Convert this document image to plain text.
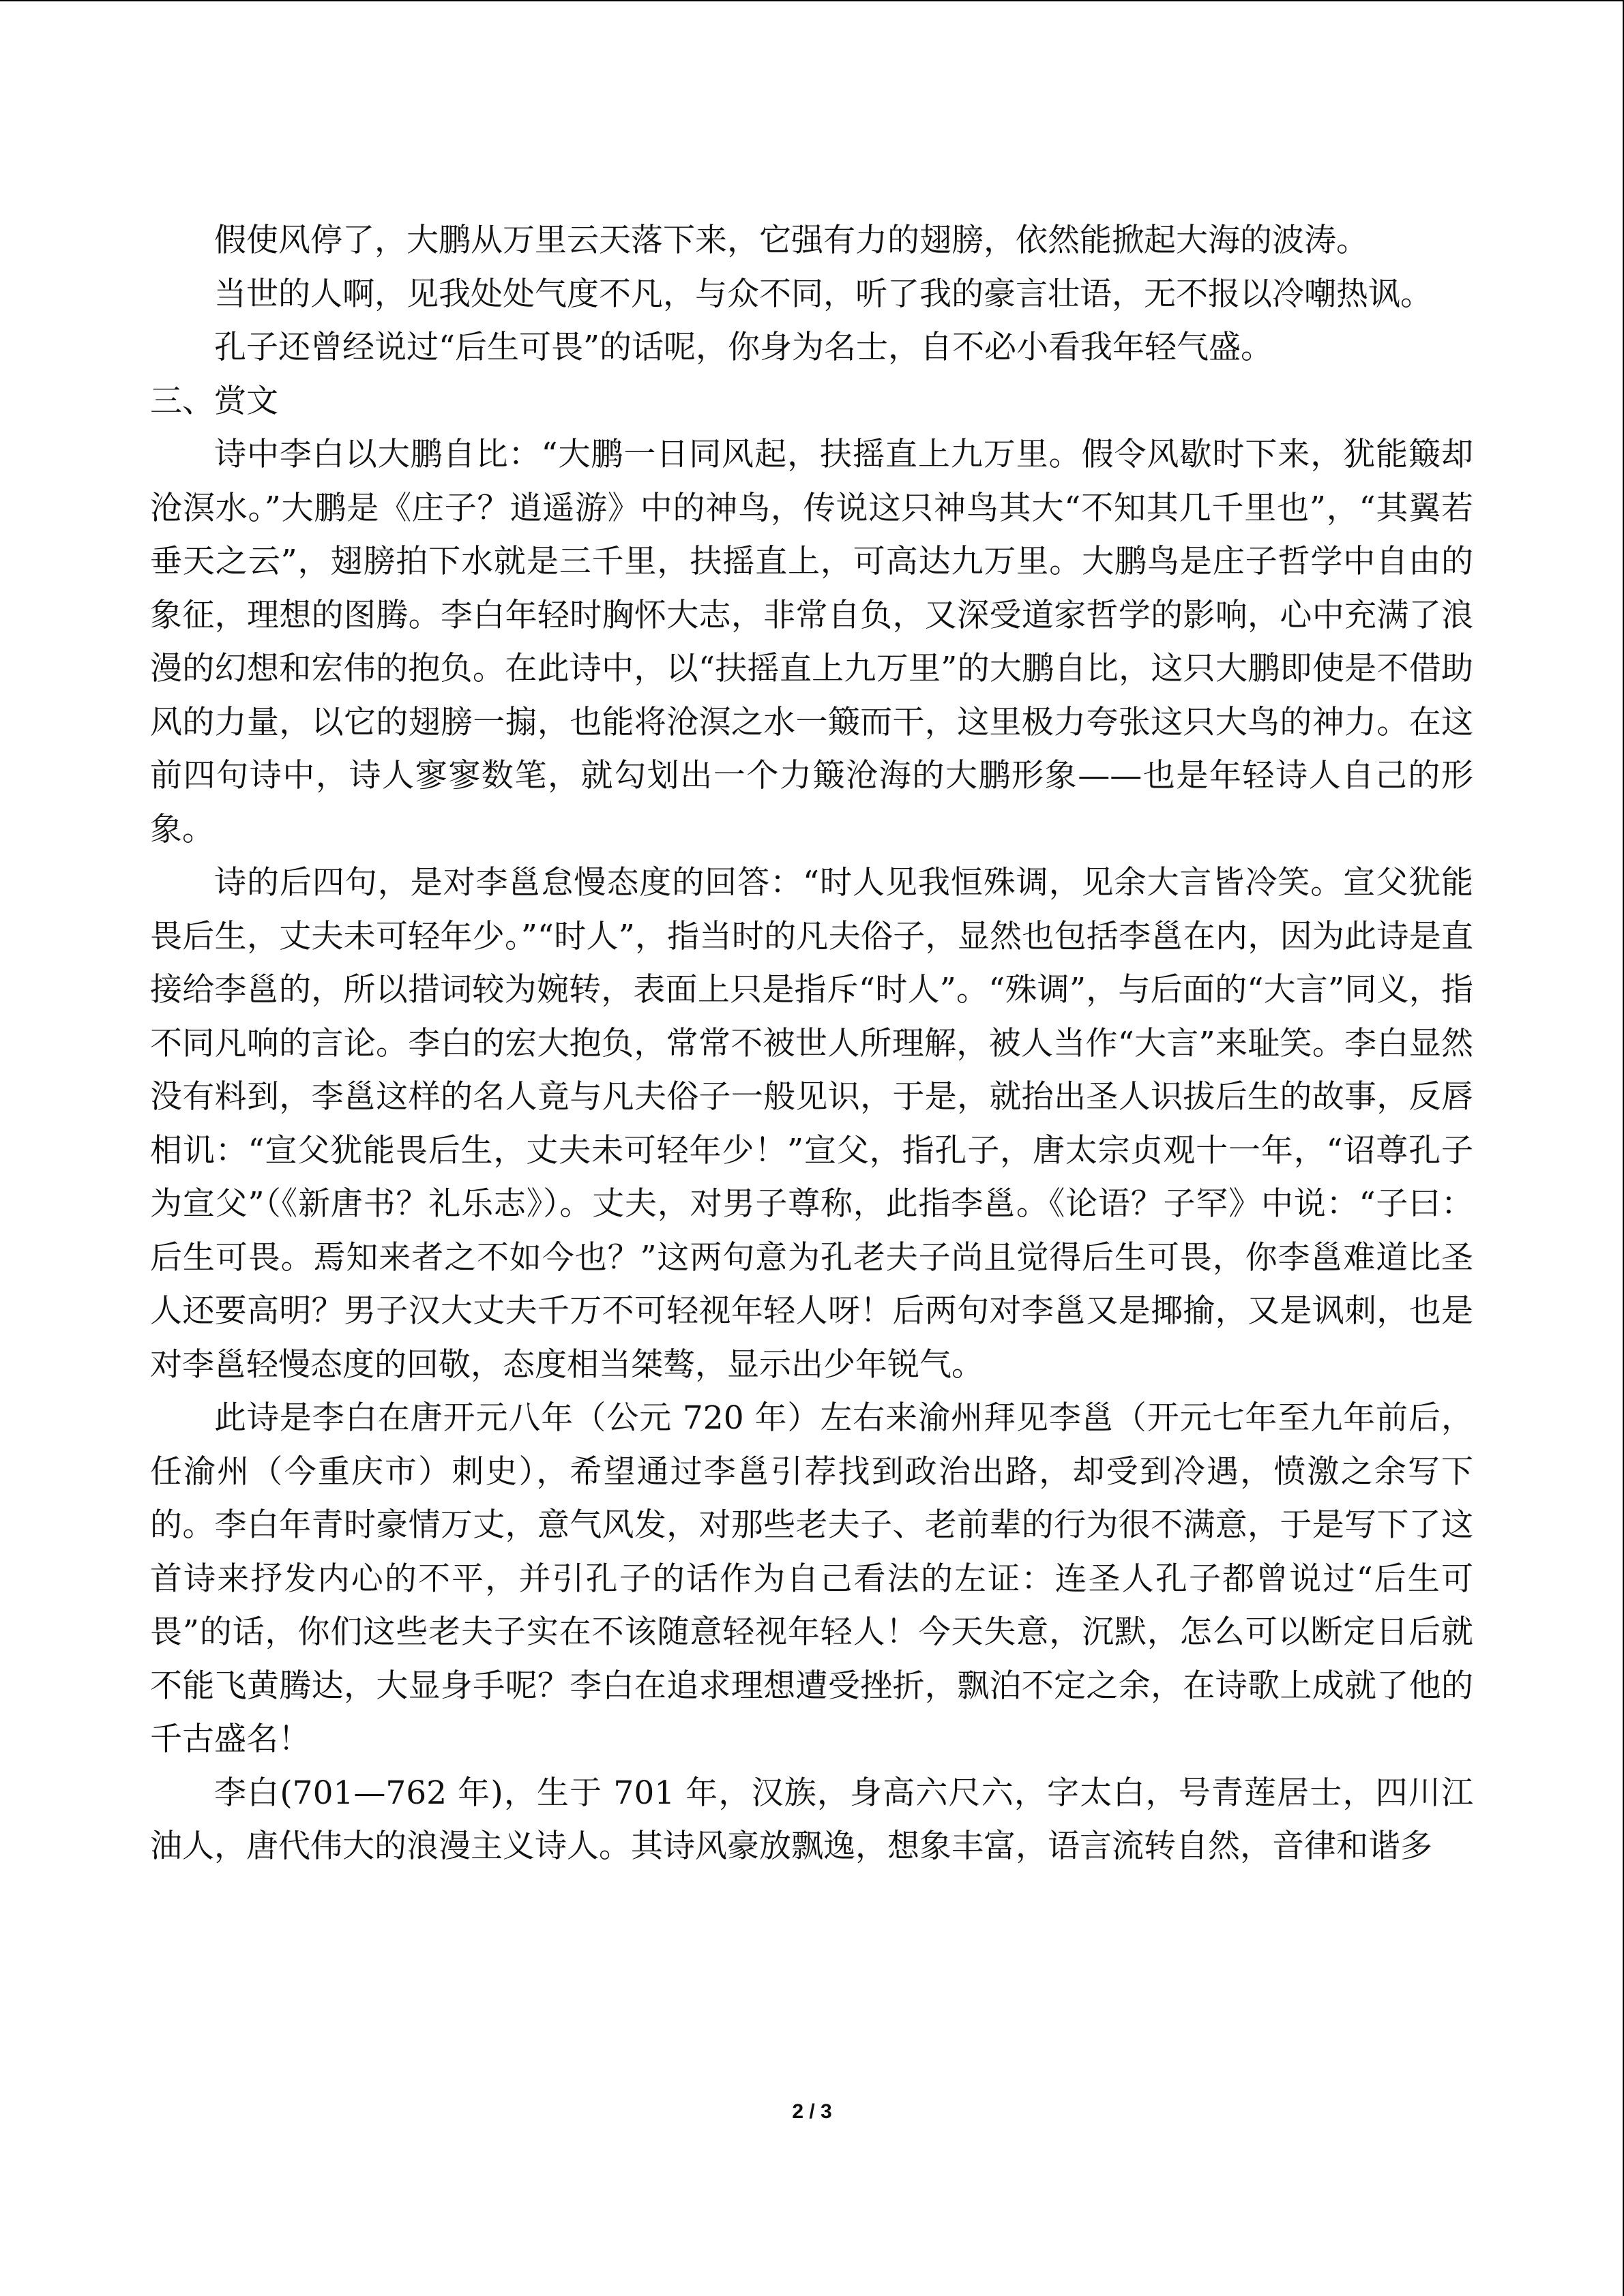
假使风停了，大鹏从万里云天落下来，它强有力的翅膀，依然能掀起大海的波涛。

当世的人啊，见我处处气度不凡，与众不同，听了我的豪言壮语，无不报以冷嘲热讽。

孔子还曾经说过“后生可畏”的话呢，你身为名士，自不必小看我年轻气盛。

三、赏文

诗中李白以大鹏自比：“大鹏一日同风起，扶摇直上九万里。假令风歇时下来，犹能簸却沧溟水。”大鹏是《庄子？逍遥游》中的神鸟，传说这只神鸟其大“不知其几千里也”，“其翼若垂天之云”，翅膀拍下水就是三千里，扶摇直上，可高达九万里。大鹏鸟是庄子哲学中自由的象征，理想的图腾。李白年轻时胸怀大志，非常自负，又深受道家哲学的影响，心中充满了浪漫的幻想和宏伟的抱负。在此诗中，以“扶摇直上九万里”的大鹏自比，这只大鹏即使是不借助风的力量，以它的翅膀一搧，也能将沧溟之水一簸而干，这里极力夸张这只大鸟的神力。在这前四句诗中，诗人寥寥数笔，就勾划出一个力簸沧海的大鹏形象——也是年轻诗人自己的形象。

诗的后四句，是对李邕怠慢态度的回答：“时人见我恒殊调，见余大言皆冷笑。宣父犹能畏后生，丈夫未可轻年少。”“时人”，指当时的凡夫俗子，显然也包括李邕在内，因为此诗是直接给李邕的，所以措词较为婉转，表面上只是指斥“时人”。“殊调”，与后面的“大言”同义，指不同凡响的言论。李白的宏大抱负，常常不被世人所理解，被人当作“大言”来耻笑。李白显然没有料到，李邕这样的名人竟与凡夫俗子一般见识，于是，就抬出圣人识拔后生的故事，反唇相讥：“宣父犹能畏后生，丈夫未可轻年少！”宣父，指孔子，唐太宗贞观十一年，“诏尊孔子为宣父”（《新唐书？礼乐志》）。丈夫，对男子尊称，此指李邕。《论语？子罕》中说：“子曰：后生可畏。焉知来者之不如今也？”这两句意为孔老夫子尚且觉得后生可畏，你李邕难道比圣人还要高明？男子汉大丈夫千万不可轻视年轻人呀！后两句对李邕又是揶揄，又是讽刺，也是对李邕轻慢态度的回敬，态度相当桀骜，显示出少年锐气。

此诗是李白在唐开元八年（公元 720 年）左右来渝州拜见李邕（开元七年至九年前后，任渝州（今重庆市）刺史），希望通过李邕引荐找到政治出路，却受到冷遇，愤激之余写下的。李白年青时豪情万丈，意气风发，对那些老夫子、老前辈的行为很不满意，于是写下了这首诗来抒发内心的不平，并引孔子的话作为自己看法的左证：连圣人孔子都曾说过“后生可畏”的话，你们这些老夫子实在不该随意轻视年轻人！今天失意，沉默，怎么可以断定日后就不能飞黄腾达，大显身手呢？李白在追求理想遭受挫折，飘泊不定之余，在诗歌上成就了他的千古盛名！

李白(701—762 年)，生于 701 年，汉族，身高六尺六，字太白，号青莲居士，四川江油人，唐代伟大的浪漫主义诗人。其诗风豪放飘逸，想象丰富，语言流转自然，音律和谐多

2 / 3
